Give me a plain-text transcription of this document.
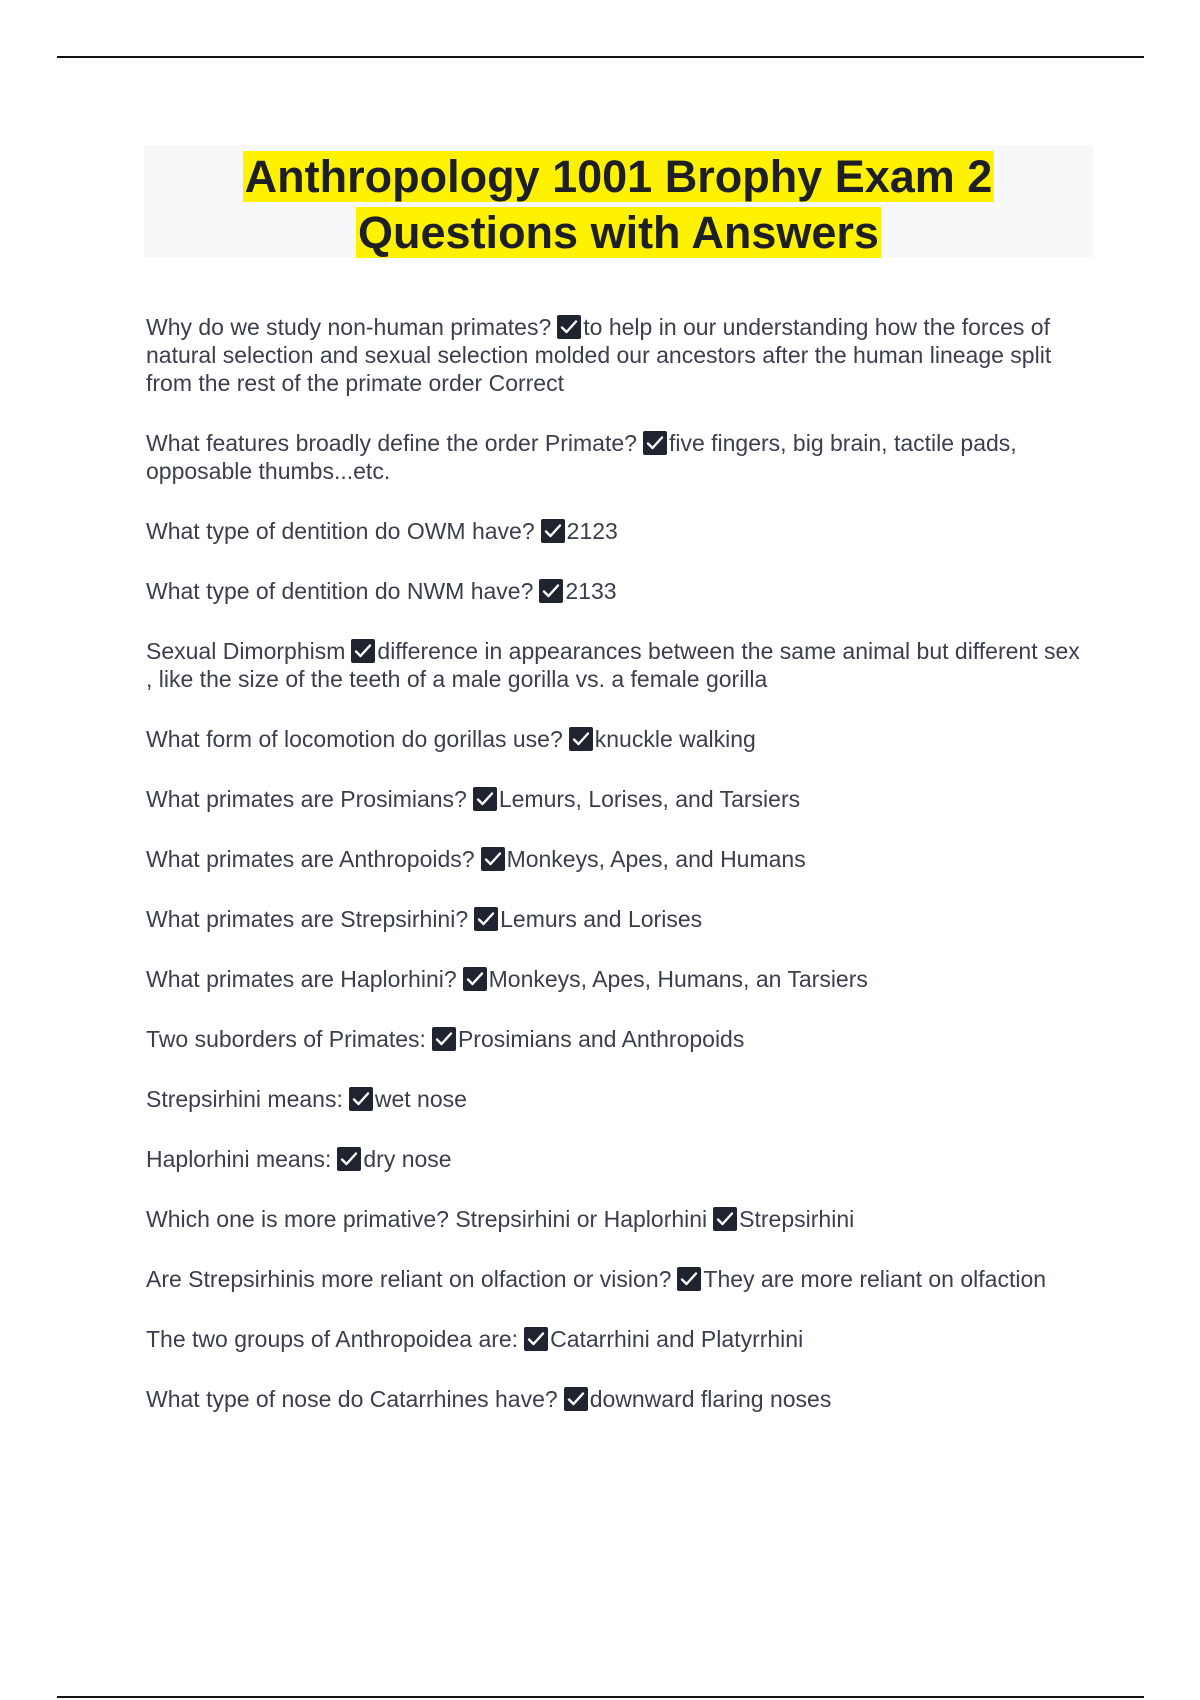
Anthropology 1001 Brophy Exam 2
Questions with Answers

Why do we study non-human primates? to help in our understanding how the forces of natural selection and sexual selection molded our ancestors after the human lineage split from the rest of the primate order Correct

What features broadly define the order Primate? five fingers, big brain, tactile pads, opposable thumbs...etc.

What type of dentition do OWM have? 2123

What type of dentition do NWM have? 2133

Sexual Dimorphism difference in appearances between the same animal but different sex , like the size of the teeth of a male gorilla vs. a female gorilla

What form of locomotion do gorillas use? knuckle walking

What primates are Prosimians? Lemurs, Lorises, and Tarsiers

What primates are Anthropoids? Monkeys, Apes, and Humans

What primates are Strepsirhini? Lemurs and Lorises

What primates are Haplorhini? Monkeys, Apes, Humans, an Tarsiers

Two suborders of Primates: Prosimians and Anthropoids

Strepsirhini means: wet nose

Haplorhini means: dry nose

Which one is more primative? Strepsirhini or Haplorhini Strepsirhini

Are Strepsirhinis more reliant on olfaction or vision? They are more reliant on olfaction

The two groups of Anthropoidea are: Catarrhini and Platyrrhini

What type of nose do Catarrhines have? downward flaring noses
